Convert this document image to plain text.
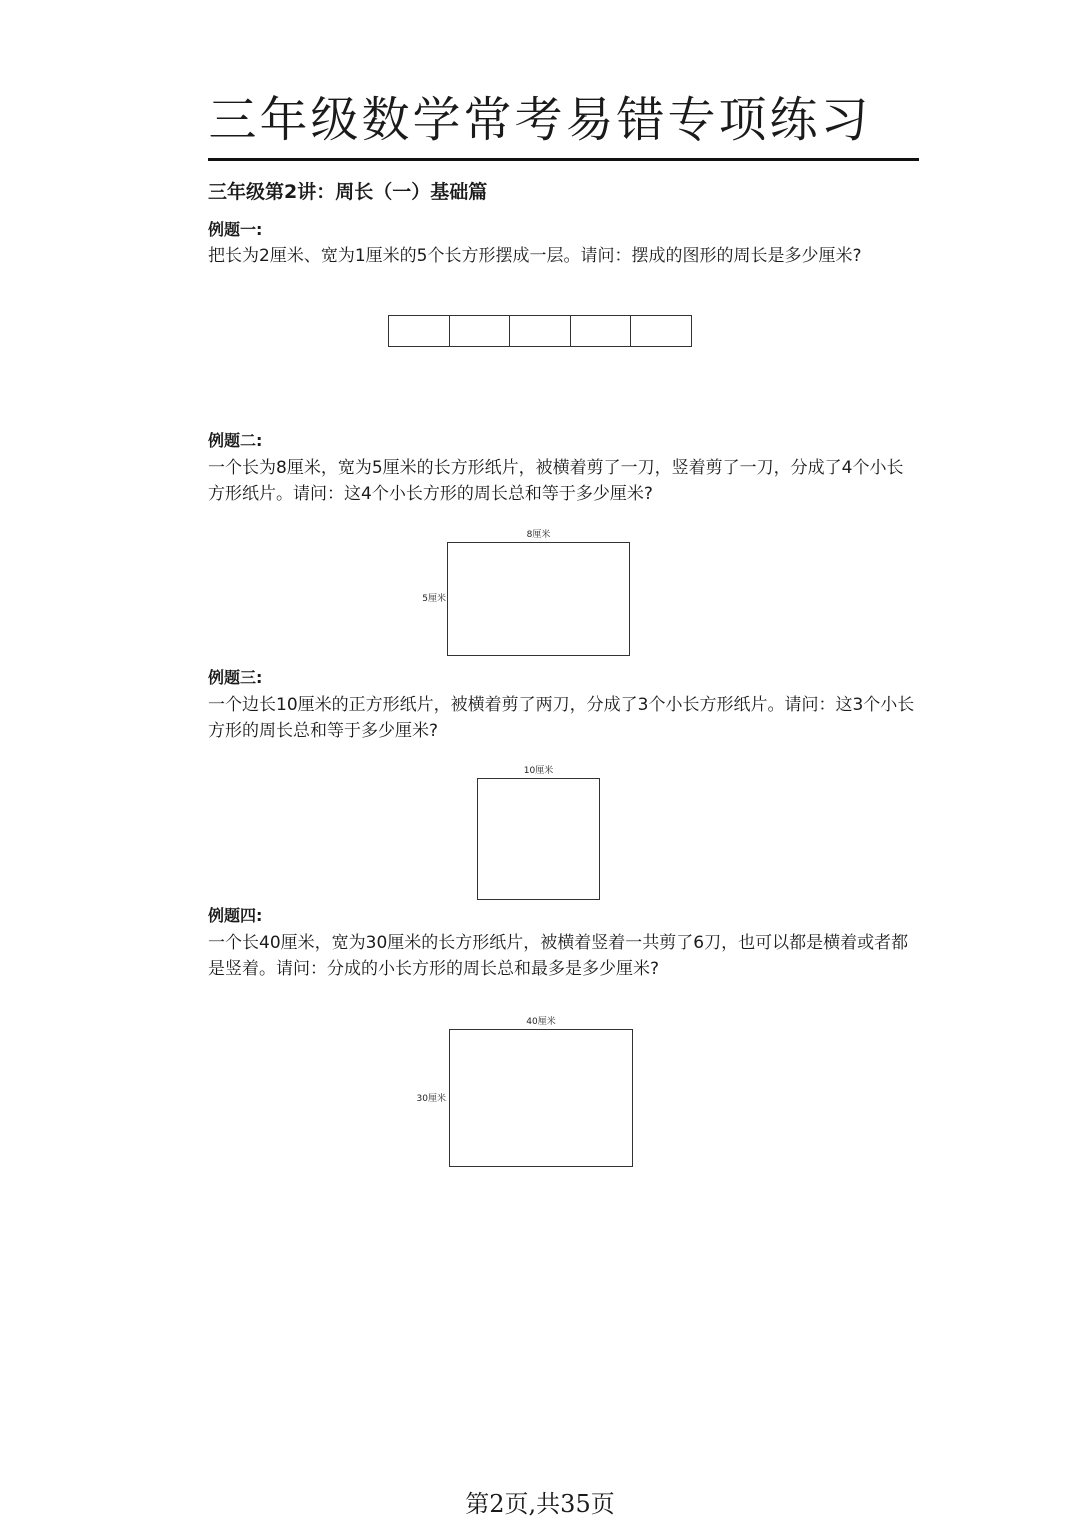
三年级数学常考易错专项练习
三年级第2讲：周长（一）基础篇
例题一:
把长为2厘米、宽为1厘米的5个长方形摆成一层。请问：摆成的图形的周长是多少厘米?
例题二:
一个长为8厘米，宽为5厘米的长方形纸片，被横着剪了一刀，竖着剪了一刀，分成了4个小长方形纸片。请问：这4个小长方形的周长总和等于多少厘米?
8厘米
5厘米
例题三:
一个边长10厘米的正方形纸片，被横着剪了两刀，分成了3个小长方形纸片。请问：这3个小长方形的周长总和等于多少厘米?
10厘米
例题四:
一个长40厘米，宽为30厘米的长方形纸片，被横着竖着一共剪了6刀，也可以都是横着或者都是竖着。请问：分成的小长方形的周长总和最多是多少厘米?
40厘米
30厘米
第2页,共35页
